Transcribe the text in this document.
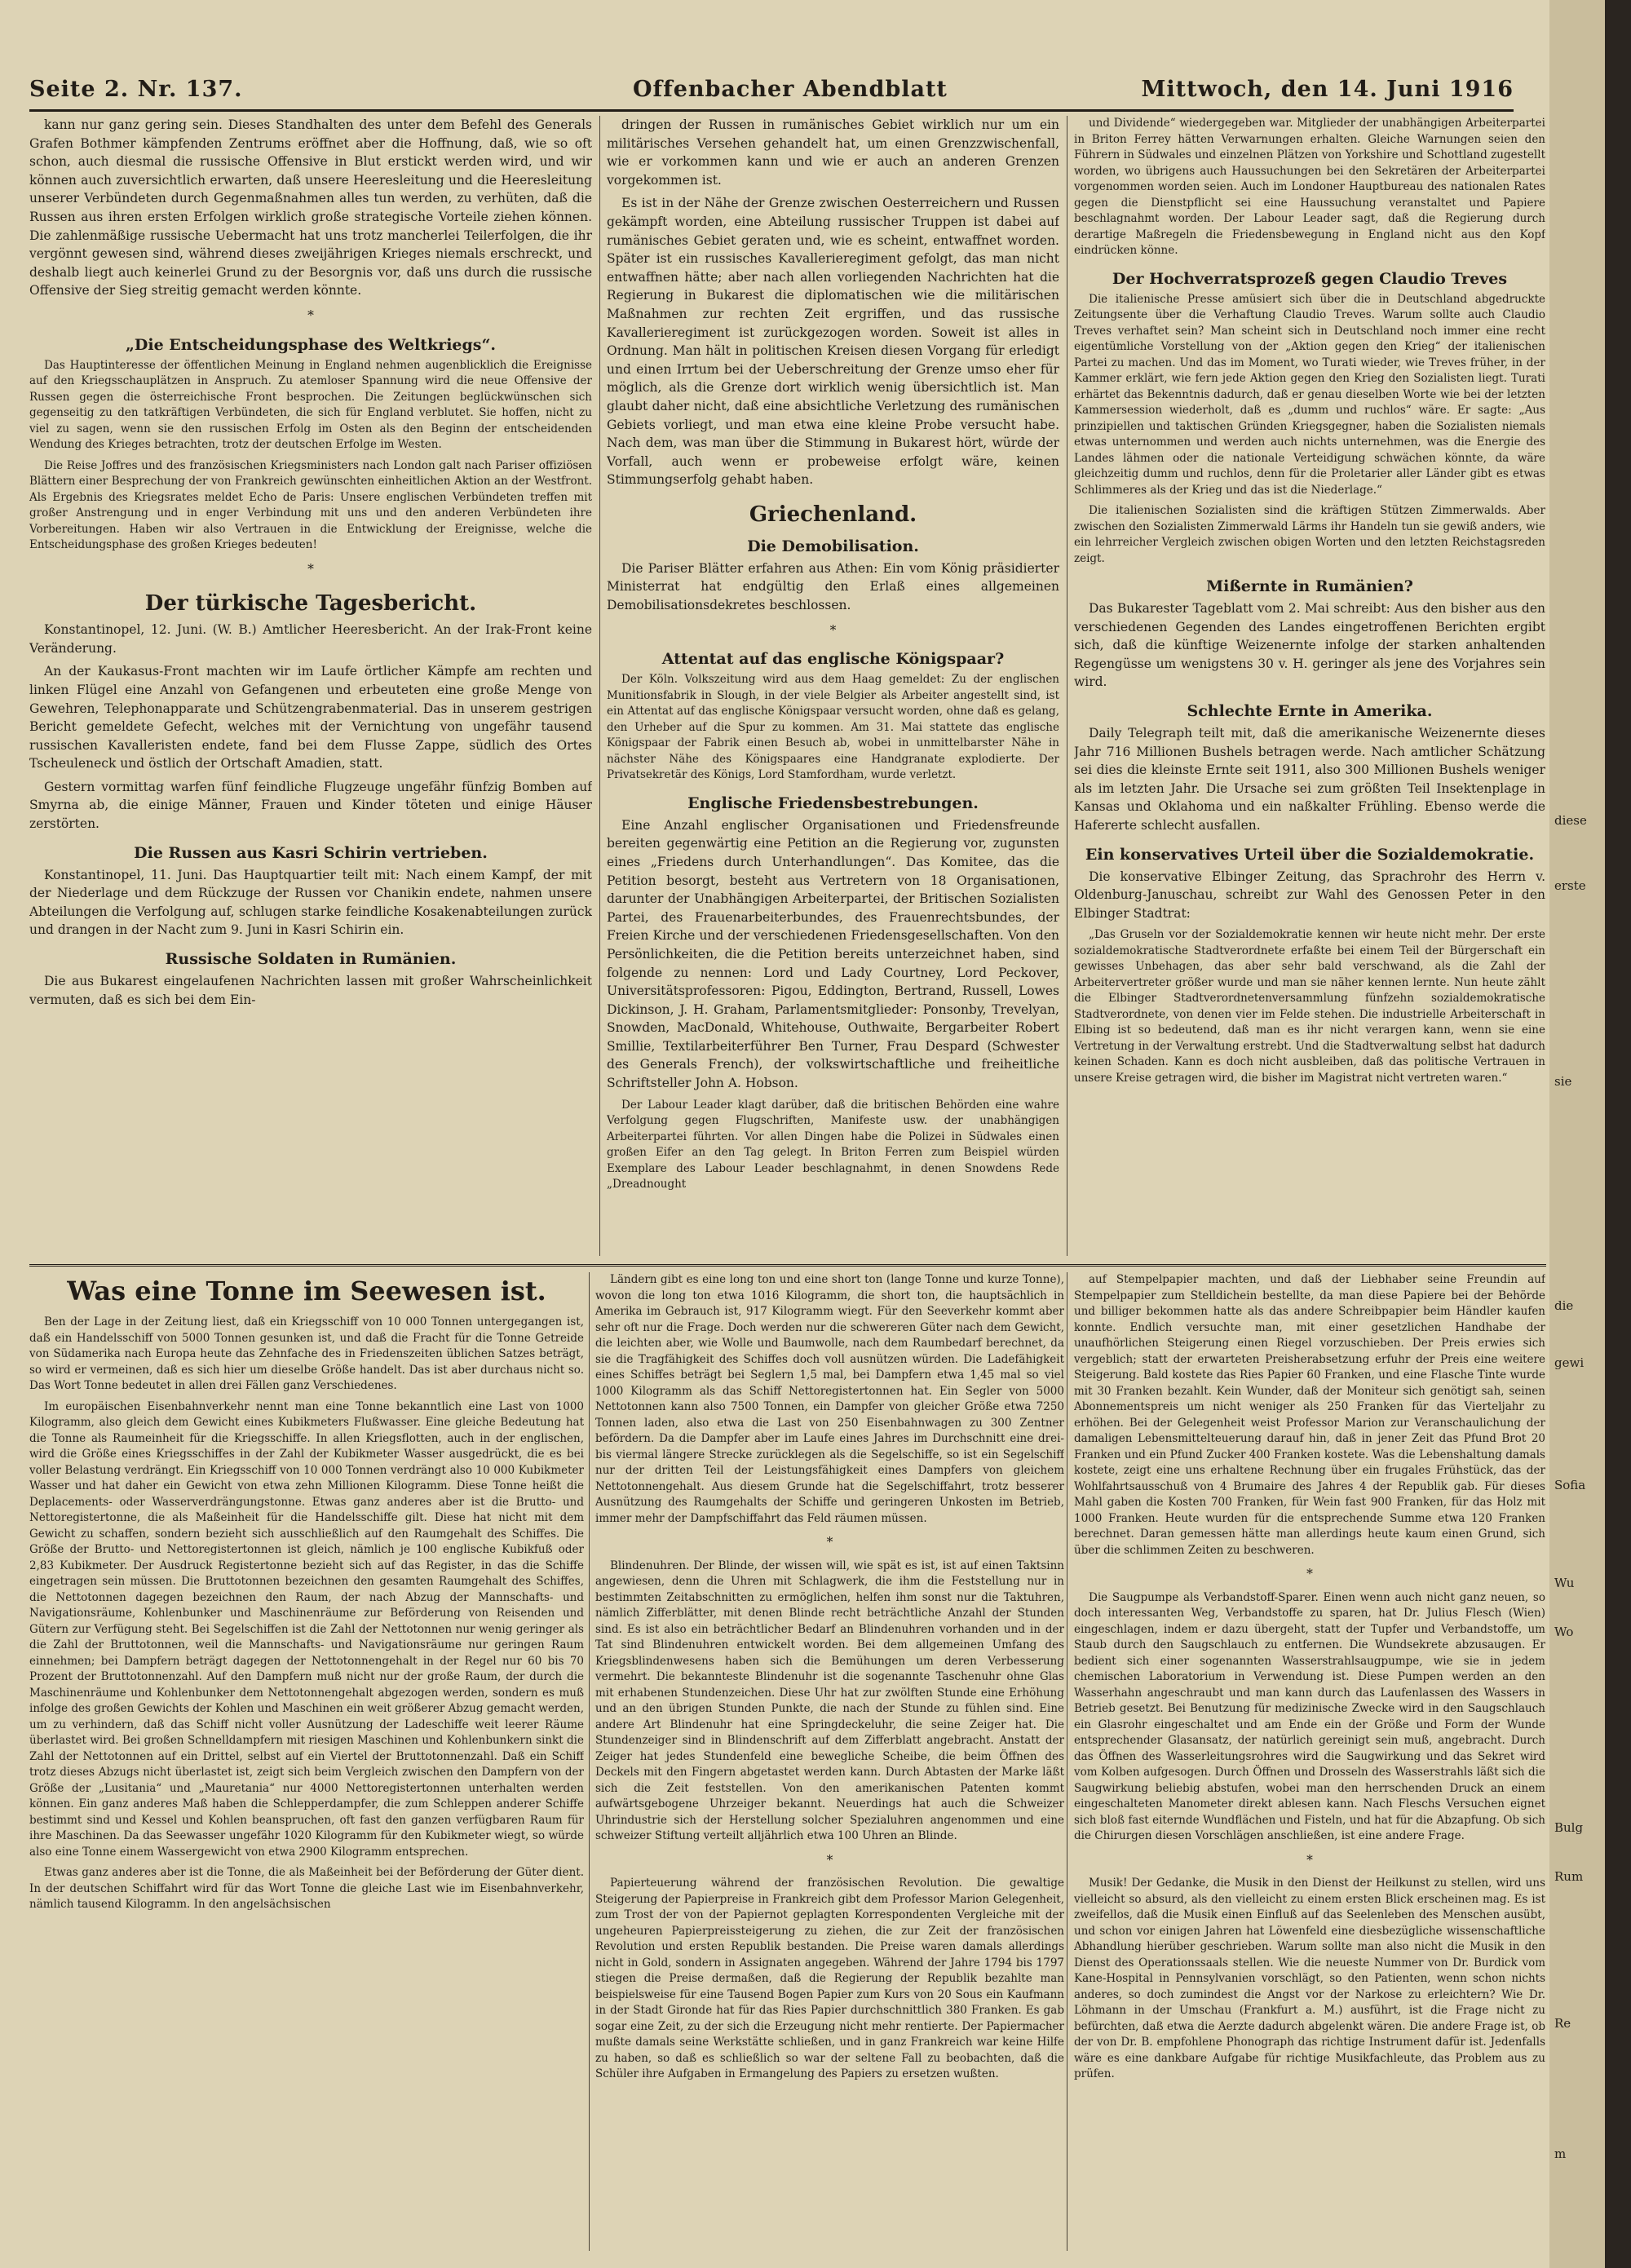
Seite 2. Nr. 137.	Offenbacher Abendblatt	Mittwoch, den 14. Juni 1916

kann nur ganz gering sein. Dieses Standhalten des unter dem Befehl des Generals Grafen Bothmer kämpfenden Zentrums eröffnet aber die Hoffnung, daß, wie so oft schon, auch diesmal die russische Offensive in Blut erstickt werden wird, und wir können auch zuversichtlich erwarten, daß unsere Heeresleitung und die Heeresleitung unserer Verbündeten durch Gegenmaßnahmen alles tun werden, zu verhüten, daß die Russen aus ihren ersten Erfolgen wirklich große strategische Vorteile ziehen können. Die zahlenmäßige russische Uebermacht hat uns trotz mancherlei Teilerfolgen, die ihr vergönnt gewesen sind, während dieses zweijährigen Krieges niemals erschreckt, und deshalb liegt auch keinerlei Grund zu der Besorgnis vor, daß uns durch die russische Offensive der Sieg streitig gemacht werden könnte.

*
„Die Entscheidungsphase des Weltkriegs“.

Das Hauptinteresse der öffentlichen Meinung in England nehmen augenblicklich die Ereignisse auf den Kriegsschauplätzen in Anspruch. Zu atemloser Spannung wird die neue Offensive der Russen gegen die österreichische Front besprochen. Die Zeitungen beglückwünschen sich gegenseitig zu den tatkräftigen Verbündeten, die sich für England verblutet. Sie hoffen, nicht zu viel zu sagen, wenn sie den russischen Erfolg im Osten als den Beginn der entscheidenden Wendung des Krieges betrachten, trotz der deutschen Erfolge im Westen.

Die Reise Joffres und des französischen Kriegsministers nach London galt nach Pariser offiziösen Blättern einer Besprechung der von Frankreich gewünschten einheitlichen Aktion an der Westfront. Als Ergebnis des Kriegsrates meldet Echo de Paris: Unsere englischen Verbündeten treffen mit großer Anstrengung und in enger Verbindung mit uns und den anderen Verbündeten ihre Vorbereitungen. Haben wir also Vertrauen in die Entwicklung der Ereignisse, welche die Entscheidungsphase des großen Krieges bedeuten!

*
Der türkische Tagesbericht.

Konstantinopel, 12. Juni. (W. B.) Amtlicher Heeresbericht. An der Irak-Front keine Veränderung.

An der Kaukasus-Front machten wir im Laufe örtlicher Kämpfe am rechten und linken Flügel eine Anzahl von Gefangenen und erbeuteten eine große Menge von Gewehren, Telephonapparate und Schützengrabenmaterial. Das in unserem gestrigen Bericht gemeldete Gefecht, welches mit der Vernichtung von ungefähr tausend russischen Kavalleristen endete, fand bei dem Flusse Zappe, südlich des Ortes Tscheuleneck und östlich der Ortschaft Amadien, statt.

Gestern vormittag warfen fünf feindliche Flugzeuge ungefähr fünfzig Bomben auf Smyrna ab, die einige Männer, Frauen und Kinder töteten und einige Häuser zerstörten.

Die Russen aus Kasri Schirin vertrieben.

Konstantinopel, 11. Juni. Das Hauptquartier teilt mit: Nach einem Kampf, der mit der Niederlage und dem Rückzuge der Russen vor Chanikin endete, nahmen unsere Abteilungen die Verfolgung auf, schlugen starke feindliche Kosakenabteilungen zurück und drangen in der Nacht zum 9. Juni in Kasri Schirin ein.

Russische Soldaten in Rumänien.

Die aus Bukarest eingelaufenen Nachrichten lassen mit großer Wahrscheinlichkeit vermuten, daß es sich bei dem Ein-

dringen der Russen in rumänisches Gebiet wirklich nur um ein militärisches Versehen gehandelt hat, um einen Grenzzwischenfall, wie er vorkommen kann und wie er auch an anderen Grenzen vorgekommen ist.

Es ist in der Nähe der Grenze zwischen Oesterreichern und Russen gekämpft worden, eine Abteilung russischer Truppen ist dabei auf rumänisches Gebiet geraten und, wie es scheint, entwaffnet worden. Später ist ein russisches Kavallerieregiment gefolgt, das man nicht entwaffnen hätte; aber nach allen vorliegenden Nachrichten hat die Regierung in Bukarest die diplomatischen wie die militärischen Maßnahmen zur rechten Zeit ergriffen, und das russische Kavallerieregiment ist zurückgezogen worden. Soweit ist alles in Ordnung. Man hält in politischen Kreisen diesen Vorgang für erledigt und einen Irrtum bei der Ueberschreitung der Grenze umso eher für möglich, als die Grenze dort wirklich wenig übersichtlich ist. Man glaubt daher nicht, daß eine absichtliche Verletzung des rumänischen Gebiets vorliegt, und man etwa eine kleine Probe versucht habe. Nach dem, was man über die Stimmung in Bukarest hört, würde der Vorfall, auch wenn er probeweise erfolgt wäre, keinen Stimmungserfolg gehabt haben.

Griechenland.
Die Demobilisation.

Die Pariser Blätter erfahren aus Athen: Ein vom König präsidierter Ministerrat hat endgültig den Erlaß eines allgemeinen Demobilisationsdekretes beschlossen.

*
Attentat auf das englische Königspaar?

Der Köln. Volkszeitung wird aus dem Haag gemeldet: Zu der englischen Munitionsfabrik in Slough, in der viele Belgier als Arbeiter angestellt sind, ist ein Attentat auf das englische Königspaar versucht worden, ohne daß es gelang, den Urheber auf die Spur zu kommen. Am 31. Mai stattete das englische Königspaar der Fabrik einen Besuch ab, wobei in unmittelbarster Nähe in nächster Nähe des Königspaares eine Handgranate explodierte. Der Privatsekretär des Königs, Lord Stamfordham, wurde verletzt.

Englische Friedensbestrebungen.

Eine Anzahl englischer Organisationen und Friedensfreunde bereiten gegenwärtig eine Petition an die Regierung vor, zugunsten eines „Friedens durch Unterhandlungen“. Das Komitee, das die Petition besorgt, besteht aus Vertretern von 18 Organisationen, darunter der Unabhängigen Arbeiterpartei, der Britischen Sozialisten Partei, des Frauenarbeiterbundes, des Frauenrechtsbundes, der Freien Kirche und der verschiedenen Friedensgesellschaften. Von den Persönlichkeiten, die die Petition bereits unterzeichnet haben, sind folgende zu nennen: Lord und Lady Courtney, Lord Peckover, Universitätsprofessoren: Pigou, Eddington, Bertrand, Russell, Lowes Dickinson, J. H. Graham, Parlamentsmitglieder: Ponsonby, Trevelyan, Snowden, MacDonald, Whitehouse, Outhwaite, Bergarbeiter Robert Smillie, Textilarbeiterführer Ben Turner, Frau Despard (Schwester des Generals French), der volkswirtschaftliche und freiheitliche Schriftsteller John A. Hobson.

Der Labour Leader klagt darüber, daß die britischen Behörden eine wahre Verfolgung gegen Flugschriften, Manifeste usw. der unabhängigen Arbeiterpartei führten. Vor allen Dingen habe die Polizei in Südwales einen großen Eifer an den Tag gelegt. In Briton Ferren zum Beispiel würden Exemplare des Labour Leader beschlagnahmt, in denen Snowdens Rede „Dreadnought

und Dividende“ wiedergegeben war. Mitglieder der unabhängigen Arbeiterpartei in Briton Ferrey hätten Verwarnungen erhalten. Gleiche Warnungen seien den Führern in Südwales und einzelnen Plätzen von Yorkshire und Schottland zugestellt worden, wo übrigens auch Haussuchungen bei den Sekretären der Arbeiterpartei vorgenommen worden seien. Auch im Londoner Hauptbureau des nationalen Rates gegen die Dienstpflicht sei eine Haussuchung veranstaltet und Papiere beschlagnahmt worden. Der Labour Leader sagt, daß die Regierung durch derartige Maßregeln die Friedensbewegung in England nicht aus den Kopf eindrücken könne.

Der Hochverratsprozeß gegen Claudio Treves

Die italienische Presse amüsiert sich über die in Deutschland abgedruckte Zeitungsente über die Verhaftung Claudio Treves. Warum sollte auch Claudio Treves verhaftet sein? Man scheint sich in Deutschland noch immer eine recht eigentümliche Vorstellung von der „Aktion gegen den Krieg“ der italienischen Partei zu machen. Und das im Moment, wo Turati wieder, wie Treves früher, in der Kammer erklärt, wie fern jede Aktion gegen den Krieg den Sozialisten liegt. Turati erhärtet das Bekenntnis dadurch, daß er genau dieselben Worte wie bei der letzten Kammersession wiederholt, daß es „dumm und ruchlos“ wäre. Er sagte: „Aus prinzipiellen und taktischen Gründen Kriegsgegner, haben die Sozialisten niemals etwas unternommen und werden auch nichts unternehmen, was die Energie des Landes lähmen oder die nationale Verteidigung schwächen könnte, da wäre gleichzeitig dumm und ruchlos, denn für die Proletarier aller Länder gibt es etwas Schlimmeres als der Krieg und das ist die Niederlage.“

Die italienischen Sozialisten sind die kräftigen Stützen Zimmerwalds. Aber zwischen den Sozialisten Zimmerwald Lärms ihr Handeln tun sie gewiß anders, wie ein lehrreicher Vergleich zwischen obigen Worten und den letzten Reichstagsreden zeigt.

Mißernte in Rumänien?

Das Bukarester Tageblatt vom 2. Mai schreibt: Aus den bisher aus den verschiedenen Gegenden des Landes eingetroffenen Berichten ergibt sich, daß die künftige Weizenernte infolge der starken anhaltenden Regengüsse um wenigstens 30 v. H. geringer als jene des Vorjahres sein wird.

Schlechte Ernte in Amerika.

Daily Telegraph teilt mit, daß die amerikanische Weizenernte dieses Jahr 716 Millionen Bushels betragen werde. Nach amtlicher Schätzung sei dies die kleinste Ernte seit 1911, also 300 Millionen Bushels weniger als im letzten Jahr. Die Ursache sei zum größten Teil Insektenplage in Kansas und Oklahoma und ein naßkalter Frühling. Ebenso werde die Hafererte schlecht ausfallen.

Ein konservatives Urteil über die Sozialdemokratie.

Die konservative Elbinger Zeitung, das Sprachrohr des Herrn v. Oldenburg-Januschau, schreibt zur Wahl des Genossen Peter in den Elbinger Stadtrat:

„Das Gruseln vor der Sozialdemokratie kennen wir heute nicht mehr. Der erste sozialdemokratische Stadtverordnete erfaßte bei einem Teil der Bürgerschaft ein gewisses Unbehagen, das aber sehr bald verschwand, als die Zahl der Arbeitervertreter größer wurde und man sie näher kennen lernte. Nun heute zählt die Elbinger Stadtverordnetenversammlung fünfzehn sozialdemokratische Stadtverordnete, von denen vier im Felde stehen. Die industrielle Arbeiterschaft in Elbing ist so bedeutend, daß man es ihr nicht verargen kann, wenn sie eine Vertretung in der Verwaltung erstrebt. Und die Stadtverwaltung selbst hat dadurch keinen Schaden. Kann es doch nicht ausbleiben, daß das politische Vertrauen in unsere Kreise getragen wird, die bisher im Magistrat nicht vertreten waren.“

Was eine Tonne im Seewesen ist.

Ben der Lage in der Zeitung liest, daß ein Kriegsschiff von 10 000 Tonnen untergegangen ist, daß ein Handelsschiff von 5000 Tonnen gesunken ist, und daß die Fracht für die Tonne Getreide von Südamerika nach Europa heute das Zehnfache des in Friedenszeiten üblichen Satzes beträgt, so wird er vermeinen, daß es sich hier um dieselbe Größe handelt. Das ist aber durchaus nicht so. Das Wort Tonne bedeutet in allen drei Fällen ganz Verschiedenes.

Im europäischen Eisenbahnverkehr nennt man eine Tonne bekanntlich eine Last von 1000 Kilogramm, also gleich dem Gewicht eines Kubikmeters Flußwasser. Eine gleiche Bedeutung hat die Tonne als Raumeinheit für die Kriegsschiffe. In allen Kriegsflotten, auch in der englischen, wird die Größe eines Kriegsschiffes in der Zahl der Kubikmeter Wasser ausgedrückt, die es bei voller Belastung verdrängt. Ein Kriegsschiff von 10 000 Tonnen verdrängt also 10 000 Kubikmeter Wasser und hat daher ein Gewicht von etwa zehn Millionen Kilogramm. Diese Tonne heißt die Deplacements- oder Wasserverdrängungstonne. Etwas ganz anderes aber ist die Brutto- und Nettoregistertonne, die als Maßeinheit für die Handelsschiffe gilt. Diese hat nicht mit dem Gewicht zu schaffen, sondern bezieht sich ausschließlich auf den Raumgehalt des Schiffes. Die Größe der Brutto- und Nettoregistertonnen ist gleich, nämlich je 100 englische Kubikfuß oder 2,83 Kubikmeter. Der Ausdruck Registertonne bezieht sich auf das Register, in das die Schiffe eingetragen sein müssen. Die Bruttotonnen bezeichnen den gesamten Raumgehalt des Schiffes, die Nettotonnen dagegen bezeichnen den Raum, der nach Abzug der Mannschafts- und Navigationsräume, Kohlenbunker und Maschinenräume zur Beförderung von Reisenden und Gütern zur Verfügung steht. Bei Segelschiffen ist die Zahl der Nettotonnen nur wenig geringer als die Zahl der Bruttotonnen, weil die Mannschafts- und Navigationsräume nur geringen Raum einnehmen; bei Dampfern beträgt dagegen der Nettotonnengehalt in der Regel nur 60 bis 70 Prozent der Bruttotonnenzahl. Auf den Dampfern muß nicht nur der große Raum, der durch die Maschinenräume und Kohlenbunker dem Nettotonnengehalt abgezogen werden, sondern es muß infolge des großen Gewichts der Kohlen und Maschinen ein weit größerer Abzug gemacht werden, um zu verhindern, daß das Schiff nicht voller Ausnützung der Ladeschiffe weit leerer Räume überlastet wird. Bei großen Schnelldampfern mit riesigen Maschinen und Kohlenbunkern sinkt die Zahl der Nettotonnen auf ein Drittel, selbst auf ein Viertel der Bruttotonnenzahl. Daß ein Schiff trotz dieses Abzugs nicht überlastet ist, zeigt sich beim Vergleich zwischen den Dampfern von der Größe der „Lusitania“ und „Mauretania“ nur 4000 Nettoregistertonnen unterhalten werden können. Ein ganz anderes Maß haben die Schlepperdampfer, die zum Schleppen anderer Schiffe bestimmt sind und Kessel und Kohlen beanspruchen, oft fast den ganzen verfügbaren Raum für ihre Maschinen. Da das Seewasser ungefähr 1020 Kilogramm für den Kubikmeter wiegt, so würde also eine Tonne einem Wassergewicht von etwa 2900 Kilogramm entsprechen.

Etwas ganz anderes aber ist die Tonne, die als Maßeinheit bei der Beförderung der Güter dient. In der deutschen Schiffahrt wird für das Wort Tonne die gleiche Last wie im Eisenbahnverkehr, nämlich tausend Kilogramm. In den angelsächsischen

Ländern gibt es eine long ton und eine short ton (lange Tonne und kurze Tonne), wovon die long ton etwa 1016 Kilogramm, die short ton, die hauptsächlich in Amerika im Gebrauch ist, 917 Kilogramm wiegt. Für den Seeverkehr kommt aber sehr oft nur die Frage. Doch werden nur die schwereren Güter nach dem Gewicht, die leichten aber, wie Wolle und Baumwolle, nach dem Raumbedarf berechnet, da sie die Tragfähigkeit des Schiffes doch voll ausnützen würden. Die Ladefähigkeit eines Schiffes beträgt bei Seglern 1,5 mal, bei Dampfern etwa 1,45 mal so viel 1000 Kilogramm als das Schiff Nettoregistertonnen hat. Ein Segler von 5000 Nettotonnen kann also 7500 Tonnen, ein Dampfer von gleicher Größe etwa 7250 Tonnen laden, also etwa die Last von 250 Eisenbahnwagen zu 300 Zentner befördern. Da die Dampfer aber im Laufe eines Jahres im Durchschnitt eine drei- bis viermal längere Strecke zurücklegen als die Segelschiffe, so ist ein Segelschiff nur der dritten Teil der Leistungsfähigkeit eines Dampfers von gleichem Nettotonnengehalt. Aus diesem Grunde hat die Segelschiffahrt, trotz besserer Ausnützung des Raumgehalts der Schiffe und geringeren Unkosten im Betrieb, immer mehr der Dampfschiffahrt das Feld räumen müssen.

*

Blindenuhren. Der Blinde, der wissen will, wie spät es ist, ist auf einen Taktsinn angewiesen, denn die Uhren mit Schlagwerk, die ihm die Feststellung nur in bestimmten Zeitabschnitten zu ermöglichen, helfen ihm sonst nur die Taktuhren, nämlich Zifferblätter, mit denen Blinde recht beträchtliche Anzahl der Stunden sind. Es ist also ein beträchtlicher Bedarf an Blindenuhren vorhanden und in der Tat sind Blindenuhren entwickelt worden. Bei dem allgemeinen Umfang des Kriegsblindenwesens haben sich die Bemühungen um deren Verbesserung vermehrt. Die bekannteste Blindenuhr ist die sogenannte Taschenuhr ohne Glas mit erhabenen Stundenzeichen. Diese Uhr hat zur zwölften Stunde eine Erhöhung und an den übrigen Stunden Punkte, die nach der Stunde zu fühlen sind. Eine andere Art Blindenuhr hat eine Springdeckeluhr, die seine Zeiger hat. Die Stundenzeiger sind in Blindenschrift auf dem Zifferblatt angebracht. Anstatt der Zeiger hat jedes Stundenfeld eine bewegliche Scheibe, die beim Öffnen des Deckels mit den Fingern abgetastet werden kann. Durch Abtasten der Marke läßt sich die Zeit feststellen. Von den amerikanischen Patenten kommt aufwärtsgebogene Uhrzeiger bekannt. Neuerdings hat auch die Schweizer Uhrindustrie sich der Herstellung solcher Spezialuhren angenommen und eine schweizer Stiftung verteilt alljährlich etwa 100 Uhren an Blinde.

*

Papierteuerung während der französischen Revolution. Die gewaltige Steigerung der Papierpreise in Frankreich gibt dem Professor Marion Gelegenheit, zum Trost der von der Papiernot geplagten Korrespondenten Vergleiche mit der ungeheuren Papierpreissteigerung zu ziehen, die zur Zeit der französischen Revolution und ersten Republik bestanden. Die Preise waren damals allerdings nicht in Gold, sondern in Assignaten angegeben. Während der Jahre 1794 bis 1797 stiegen die Preise dermaßen, daß die Regierung der Republik bezahlte man beispielsweise für eine Tausend Bogen Papier zum Kurs von 20 Sous ein Kaufmann in der Stadt Gironde hat für das Ries Papier durchschnittlich 380 Franken. Es gab sogar eine Zeit, zu der sich die Erzeugung nicht mehr rentierte. Der Papiermacher mußte damals seine Werkstätte schließen, und in ganz Frankreich war keine Hilfe zu haben, so daß es schließlich so war der seltene Fall zu beobachten, daß die Schüler ihre Aufgaben in Ermangelung des Papiers zu ersetzen wußten.

auf Stempelpapier machten, und daß der Liebhaber seine Freundin auf Stempelpapier zum Stelldichein bestellte, da man diese Papiere bei der Behörde und billiger bekommen hatte als das andere Schreibpapier beim Händler kaufen konnte. Endlich versuchte man, mit einer gesetzlichen Handhabe der unaufhörlichen Steigerung einen Riegel vorzuschieben. Der Preis erwies sich vergeblich; statt der erwarteten Preisherabsetzung erfuhr der Preis eine weitere Steigerung. Bald kostete das Ries Papier 60 Franken, und eine Flasche Tinte wurde mit 30 Franken bezahlt. Kein Wunder, daß der Moniteur sich genötigt sah, seinen Abonnementspreis um nicht weniger als 250 Franken für das Vierteljahr zu erhöhen. Bei der Gelegenheit weist Professor Marion zur Veranschaulichung der damaligen Lebensmittelteuerung darauf hin, daß in jener Zeit das Pfund Brot 20 Franken und ein Pfund Zucker 400 Franken kostete. Was die Lebenshaltung damals kostete, zeigt eine uns erhaltene Rechnung über ein frugales Frühstück, das der Wohlfahrtsausschuß von 4 Brumaire des Jahres 4 der Republik gab. Für dieses Mahl gaben die Kosten 700 Franken, für Wein fast 900 Franken, für das Holz mit 1000 Franken. Heute wurden für die entsprechende Summe etwa 120 Franken berechnet. Daran gemessen hätte man allerdings heute kaum einen Grund, sich über die schlimmen Zeiten zu beschweren.

*

Die Saugpumpe als Verbandstoff-Sparer. Einen wenn auch nicht ganz neuen, so doch interessanten Weg, Verbandstoffe zu sparen, hat Dr. Julius Flesch (Wien) eingeschlagen, indem er dazu übergeht, statt der Tupfer und Verbandstoffe, um Staub durch den Saugschlauch zu entfernen. Die Wundsekrete abzusaugen. Er bedient sich einer sogenannten Wasserstrahlsaugpumpe, wie sie in jedem chemischen Laboratorium in Verwendung ist. Diese Pumpen werden an den Wasserhahn angeschraubt und man kann durch das Laufenlassen des Wassers in Betrieb gesetzt. Bei Benutzung für medizinische Zwecke wird in den Saugschlauch ein Glasrohr eingeschaltet und am Ende ein der Größe und Form der Wunde entsprechender Glasansatz, der natürlich gereinigt sein muß, angebracht. Durch das Öffnen des Wasserleitungsrohres wird die Saugwirkung und das Sekret wird vom Kolben aufgesogen. Durch Öffnen und Drosseln des Wasserstrahls läßt sich die Saugwirkung beliebig abstufen, wobei man den herrschenden Druck an einem eingeschalteten Manometer direkt ablesen kann. Nach Fleschs Versuchen eignet sich bloß fast eiternde Wundflächen und Fisteln, und hat für die Abzapfung. Ob sich die Chirurgen diesen Vorschlägen anschließen, ist eine andere Frage.

*

Musik! Der Gedanke, die Musik in den Dienst der Heilkunst zu stellen, wird uns vielleicht so absurd, als den vielleicht zu einem ersten Blick erscheinen mag. Es ist zweifellos, daß die Musik einen Einfluß auf das Seelenleben des Menschen ausübt, und schon vor einigen Jahren hat Löwenfeld eine diesbezügliche wissenschaftliche Abhandlung hierüber geschrieben. Warum sollte man also nicht die Musik in den Dienst des Operationssaals stellen. Wie die neueste Nummer von Dr. Burdick vom Kane-Hospital in Pennsylvanien vorschlägt, so den Patienten, wenn schon nichts anderes, so doch zumindest die Angst vor der Narkose zu erleichtern? Wie Dr. Löhmann in der Umschau (Frankfurt a. M.) ausführt, ist die Frage nicht zu befürchten, daß etwa die Aerzte dadurch abgelenkt wären. Die andere Frage ist, ob der von Dr. B. empfohlene Phonograph das richtige Instrument dafür ist. Jedenfalls wäre es eine dankbare Aufgabe für richtige Musikfachleute, das Problem aus zu prüfen.

diese
erste
sie
die
gewi
Sofia
Wu
Wo
Bulg
Rum
Re
m
